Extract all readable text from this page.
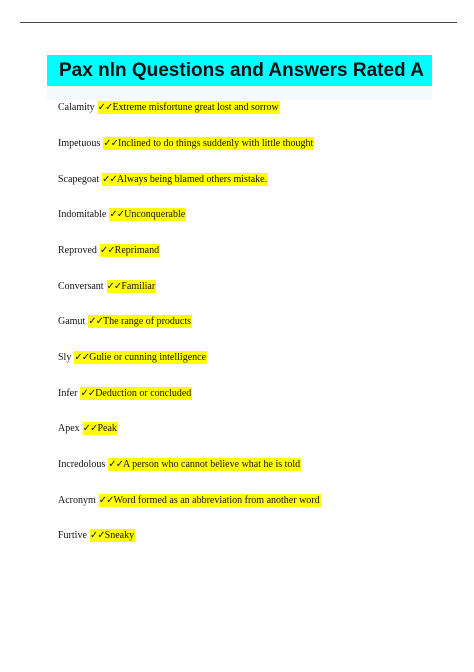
Pax nln Questions and Answers Rated A
Calamity ✓✓Extreme misfortune great lost and sorrow
Impetuous ✓✓Inclined to do things suddenly with little thought
Scapegoat ✓✓Always being blamed others mistake.
Indomitable ✓✓Unconquerable
Reproved ✓✓Reprimand
Conversant ✓✓Familiar
Gamut ✓✓The range of products
Sly ✓✓Gulie or cunning intelligence
Infer ✓✓Deduction or concluded
Apex ✓✓Peak
Incredolous ✓✓A person who cannot believe what he is told
Acronym ✓✓Word formed as an abbreviation from another word
Furtive ✓✓Sneaky
